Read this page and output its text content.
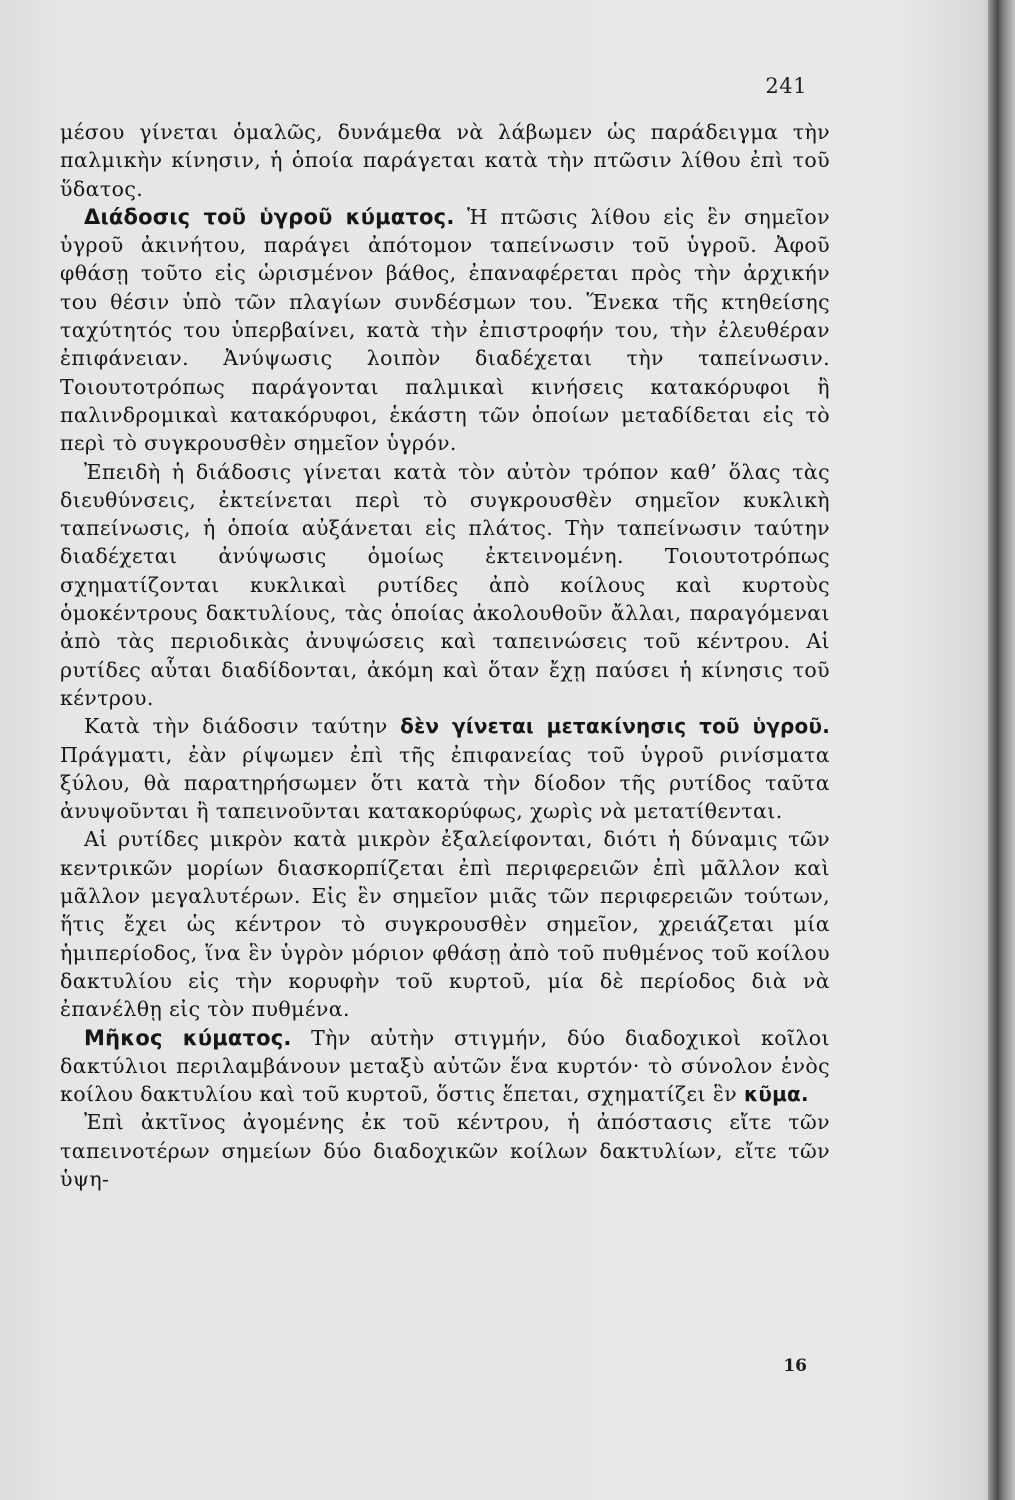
241

μέσου γίνεται ὁμαλῶς, δυνάμεθα νὰ λάβωμεν ὡς παράδειγμα τὴν παλμικὴν κίνησιν, ἡ ὁποία παράγεται κατὰ τὴν πτῶσιν λίθου ἐπὶ τοῦ ὕδατος.

Διάδοσις τοῦ ὑγροῦ κύματος. Ἡ πτῶσις λίθου εἰς ἓν σημεῖον ὑγροῦ ἀκινήτου, παράγει ἀπότομον ταπείνωσιν τοῦ ὑγροῦ. Ἀφοῦ φθάσῃ τοῦτο εἰς ὡρισμένον βάθος, ἐπαναφέρεται πρὸς τὴν ἀρχικήν του θέσιν ὑπὸ τῶν πλαγίων συνδέσμων του. Ἕνεκα τῆς κτηθείσης ταχύτητός του ὑπερβαίνει, κατὰ τὴν ἐπιστροφήν του, τὴν ἐλευθέραν ἐπιφάνειαν. Ἀνύψωσις λοιπὸν διαδέχεται τὴν ταπείνωσιν. Τοιουτοτρόπως παράγονται παλμικαὶ κινήσεις κατακόρυφοι ἢ παλινδρομικαὶ κατακόρυφοι, ἑκάστη τῶν ὁποίων μεταδίδεται εἰς τὸ περὶ τὸ συγκρουσθὲν σημεῖον ὑγρόν.

Ἐπειδὴ ἡ διάδοσις γίνεται κατὰ τὸν αὐτὸν τρόπον καθ’ ὅλας τὰς διευθύνσεις, ἐκτείνεται περὶ τὸ συγκρουσθὲν σημεῖον κυκλικὴ ταπείνωσις, ἡ ὁποία αὐξάνεται εἰς πλάτος. Τὴν ταπείνωσιν ταύτην διαδέχεται ἀνύψωσις ὁμοίως ἐκτεινομένη. Τοιουτοτρόπως σχηματίζονται κυκλικαὶ ρυτίδες ἀπὸ κοίλους καὶ κυρτοὺς ὁμοκέντρους δακτυλίους, τὰς ὁποίας ἀκολουθοῦν ἄλλαι, παραγόμεναι ἀπὸ τὰς περιοδικὰς ἀνυψώσεις καὶ ταπεινώσεις τοῦ κέντρου. Αἱ ρυτίδες αὗται διαδίδονται, ἀκόμη καὶ ὅταν ἔχῃ παύσει ἡ κίνησις τοῦ κέντρου.

Κατὰ τὴν διάδοσιν ταύτην δὲν γίνεται μετακίνησις τοῦ ὑγροῦ. Πράγματι, ἐὰν ρίψωμεν ἐπὶ τῆς ἐπιφανείας τοῦ ὑγροῦ ρινίσματα ξύλου, θὰ παρατηρήσωμεν ὅτι κατὰ τὴν δίοδον τῆς ρυτίδος ταῦτα ἀνυψοῦνται ἢ ταπεινοῦνται κατακορύφως, χωρὶς νὰ μετατίθενται.

Αἱ ρυτίδες μικρὸν κατὰ μικρὸν ἐξαλείφονται, διότι ἡ δύναμις τῶν κεντρικῶν μορίων διασκορπίζεται ἐπὶ περιφερειῶν ἐπὶ μᾶλλον καὶ μᾶλλον μεγαλυτέρων. Εἰς ἓν σημεῖον μιᾶς τῶν περιφερειῶν τούτων, ἥτις ἔχει ὡς κέντρον τὸ συγκρουσθὲν σημεῖον, χρειάζεται μία ἡμιπερίοδος, ἵνα ἓν ὑγρὸν μόριον φθάσῃ ἀπὸ τοῦ πυθμένος τοῦ κοίλου δακτυλίου εἰς τὴν κορυφὴν τοῦ κυρτοῦ, μία δὲ περίοδος διὰ νὰ ἐπανέλθῃ εἰς τὸν πυθμένα.

Μῆκος κύματος. Τὴν αὐτὴν στιγμήν, δύο διαδοχικοὶ κοῖλοι δακτύλιοι περιλαμβάνουν μεταξὺ αὐτῶν ἕνα κυρτόν· τὸ σύνολον ἑνὸς κοίλου δακτυλίου καὶ τοῦ κυρτοῦ, ὅστις ἕπεται, σχηματίζει ἓν κῦμα.

Ἐπὶ ἀκτῖνος ἀγομένης ἐκ τοῦ κέντρου, ἡ ἀπόστασις εἴτε τῶν ταπεινοτέρων σημείων δύο διαδοχικῶν κοίλων δακτυλίων, εἴτε τῶν ὑψη-

16
